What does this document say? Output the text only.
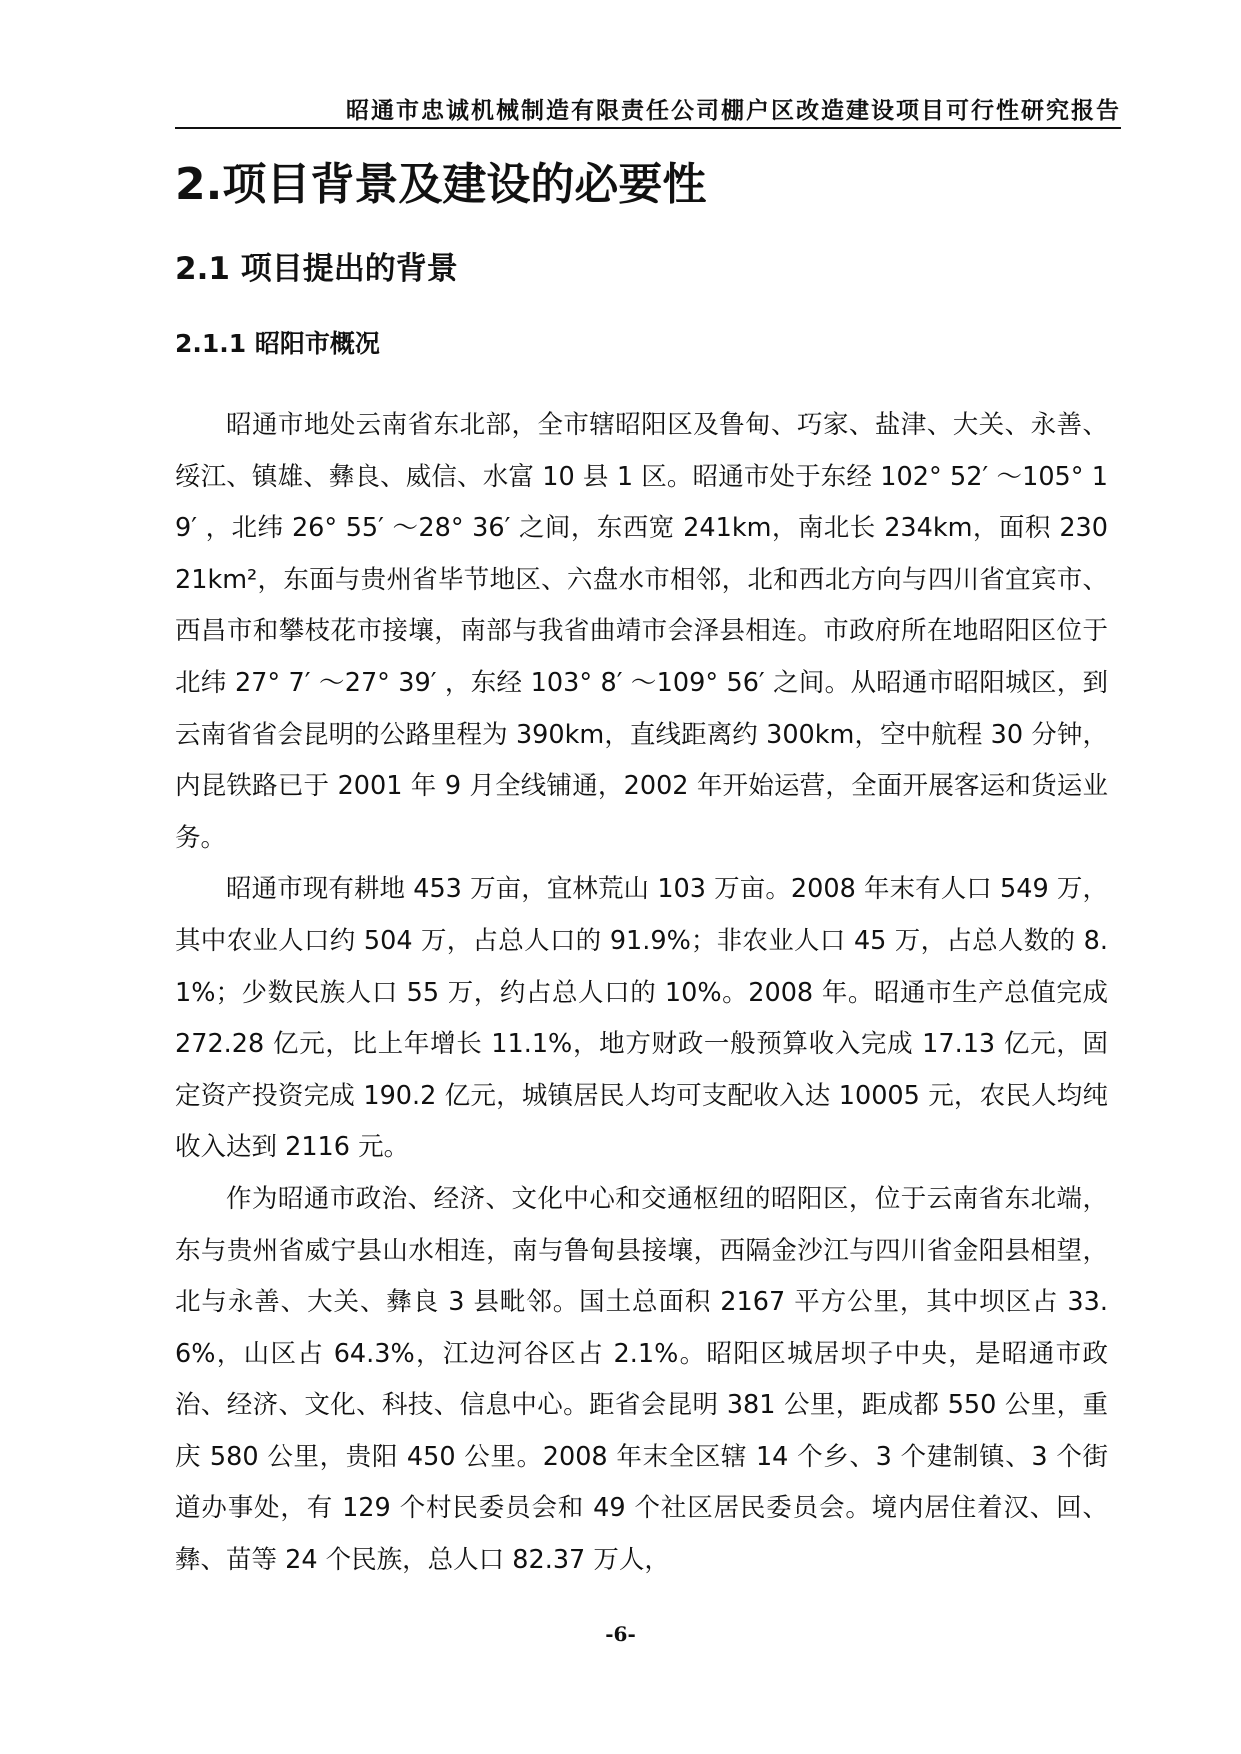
昭通市忠诚机械制造有限责任公司棚户区改造建设项目可行性研究报告
2.项目背景及建设的必要性
2.1 项目提出的背景
2.1.1 昭阳市概况

昭通市地处云南省东北部，全市辖昭阳区及鲁甸、巧家、盐津、大关、永善、绥江、镇雄、彝良、威信、水富 10 县 1 区。昭通市处于东经 102° 52′ ～105° 19′ ，北纬 26° 55′ ～28° 36′ 之间，东西宽 241km，南北长 234km，面积 23021km²，东面与贵州省毕节地区、六盘水市相邻，北和西北方向与四川省宜宾市、西昌市和攀枝花市接壤，南部与我省曲靖市会泽县相连。市政府所在地昭阳区位于北纬 27° 7′ ～27° 39′ ，东经 103° 8′ ～109° 56′ 之间。从昭通市昭阳城区，到云南省省会昆明的公路里程为 390km，直线距离约 300km，空中航程 30 分钟，内昆铁路已于 2001 年 9 月全线铺通，2002 年开始运营，全面开展客运和货运业务。

昭通市现有耕地 453 万亩，宜林荒山 103 万亩。2008 年末有人口 549 万，其中农业人口约 504 万，占总人口的 91.9%；非农业人口 45 万，占总人数的 8.1%；少数民族人口 55 万，约占总人口的 10%。2008 年。昭通市生产总值完成 272.28 亿元，比上年增长 11.1%，地方财政一般预算收入完成 17.13 亿元，固定资产投资完成 190.2 亿元，城镇居民人均可支配收入达 10005 元，农民人均纯收入达到 2116 元。

作为昭通市政治、经济、文化中心和交通枢纽的昭阳区，位于云南省东北端，东与贵州省威宁县山水相连，南与鲁甸县接壤，西隔金沙江与四川省金阳县相望，北与永善、大关、彝良 3 县毗邻。国土总面积 2167 平方公里，其中坝区占 33.6%，山区占 64.3%，江边河谷区占 2.1%。昭阳区城居坝子中央，是昭通市政治、经济、文化、科技、信息中心。距省会昆明 381 公里，距成都 550 公里，重庆 580 公里，贵阳 450 公里。2008 年末全区辖 14 个乡、3 个建制镇、3 个街道办事处，有 129 个村民委员会和 49 个社区居民委员会。境内居住着汉、回、彝、苗等 24 个民族，总人口 82.37 万人，

-6-
